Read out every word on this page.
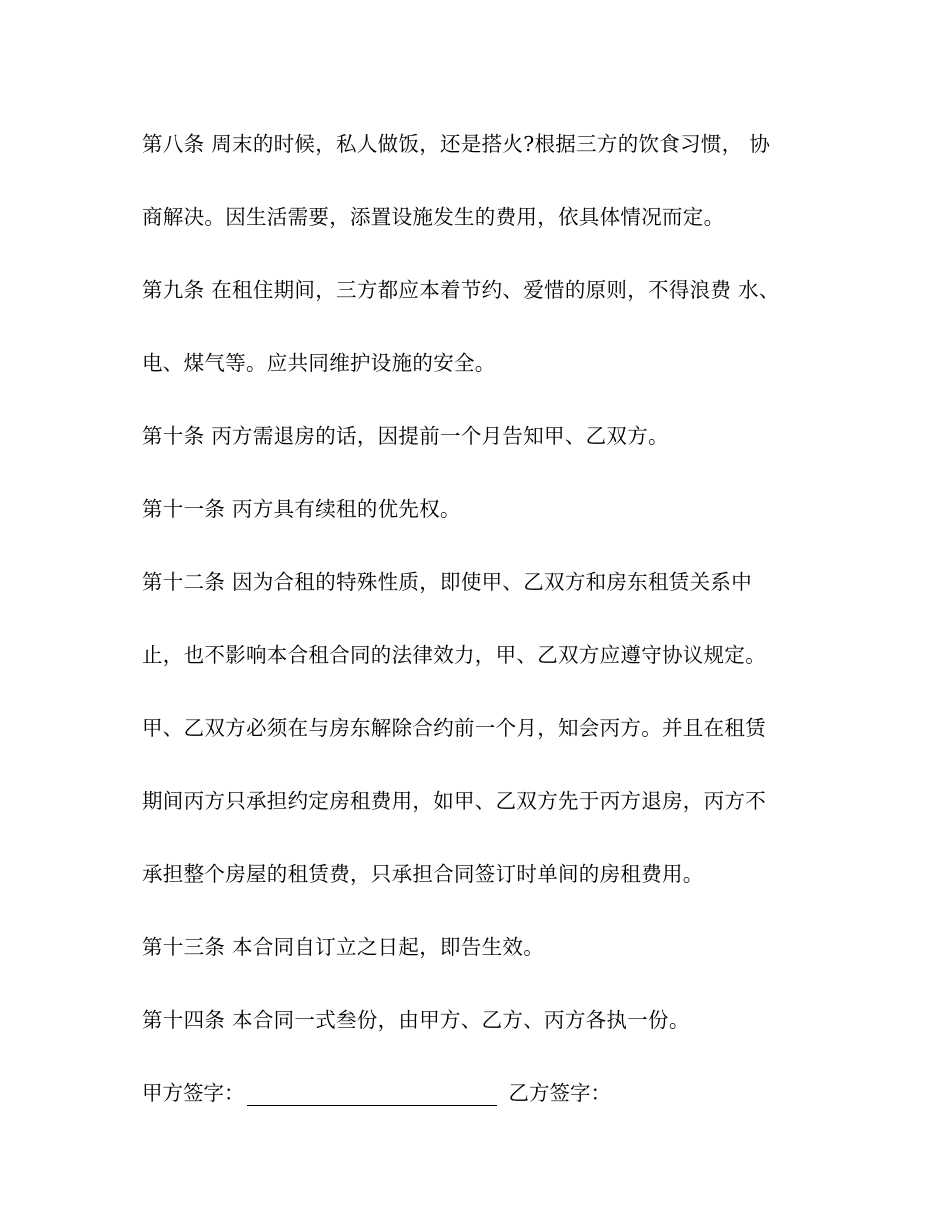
第八条 周末的时候，私人做饭，还是搭火?根据三方的饮食习惯， 协
商解决。因生活需要，添置设施发生的费用，依具体情况而定。
第九条 在租住期间，三方都应本着节约、爱惜的原则，不得浪费 水、
电、煤气等。应共同维护设施的安全。
第十条 丙方需退房的话，因提前一个月告知甲、乙双方。
第十一条 丙方具有续租的优先权。
第十二条 因为合租的特殊性质，即使甲、乙双方和房东租赁关系中
止，也不影响本合租合同的法律效力，甲、乙双方应遵守协议规定。
甲、乙双方必须在与房东解除合约前一个月，知会丙方。并且在租赁
期间丙方只承担约定房租费用，如甲、乙双方先于丙方退房，丙方不
承担整个房屋的租赁费，只承担合同签订时单间的房租费用。
第十三条 本合同自订立之日起，即告生效。
第十四条 本合同一式叁份，由甲方、乙方、丙方各执一份。
甲方签字：	乙方签字：
